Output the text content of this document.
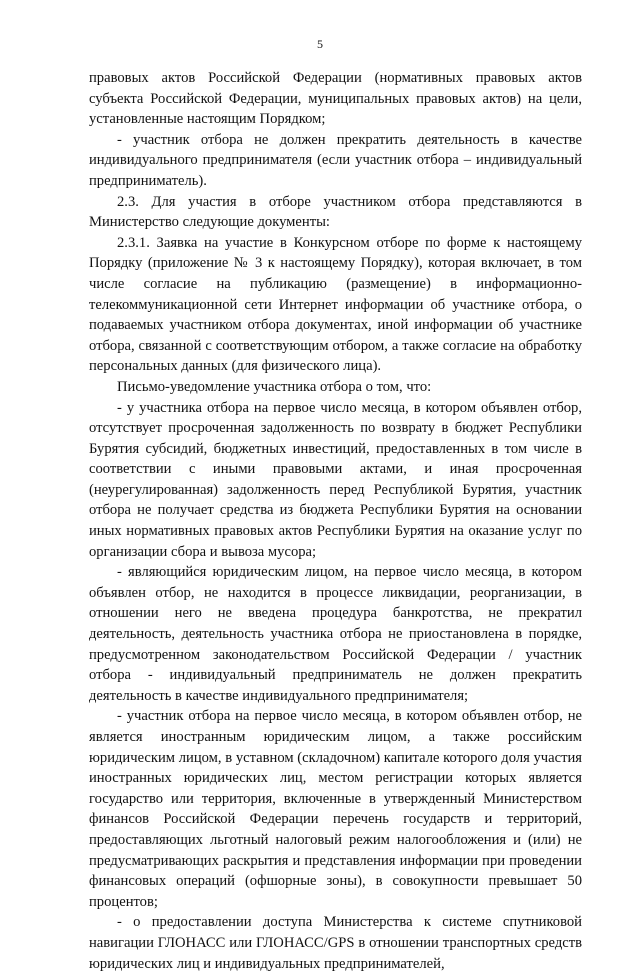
5

правовых актов Российской Федерации (нормативных правовых актов субъекта Российской Федерации, муниципальных правовых актов) на цели, установленные настоящим Порядком;

- участник отбора не должен прекратить деятельность в качестве индивидуального предпринимателя (если участник отбора – индивидуальный предприниматель).

2.3. Для участия в отборе участником отбора представляются в Министерство следующие документы:

2.3.1. Заявка на участие в Конкурсном отборе по форме к настоящему Порядку (приложение № 3 к настоящему Порядку), которая включает, в том числе согласие на публикацию (размещение) в информационно-телекоммуникационной сети Интернет информации об участнике отбора, о подаваемых участником отбора документах, иной информации об участнике отбора, связанной с соответствующим отбором, а также согласие на обработку персональных данных (для физического лица).

Письмо-уведомление участника отбора о том, что:

- у участника отбора на первое число месяца, в котором объявлен отбор, отсутствует просроченная задолженность по возврату в бюджет Республики Бурятия субсидий, бюджетных инвестиций, предоставленных в том числе в соответствии с иными правовыми актами, и иная просроченная (неурегулированная) задолженность перед Республикой Бурятия, участник отбора не получает средства из бюджета Республики Бурятия на основании иных нормативных правовых актов Республики Бурятия на оказание услуг по организации сбора и вывоза мусора;

- являющийся юридическим лицом, на первое число месяца, в котором объявлен отбор, не находится в процессе ликвидации, реорганизации, в отношении него не введена процедура банкротства, не прекратил деятельность, деятельность участника отбора не приостановлена в порядке, предусмотренном законодательством Российской Федерации / участник отбора - индивидуальный предприниматель не должен прекратить деятельность в качестве индивидуального предпринимателя;

- участник отбора на первое число месяца, в котором объявлен отбор, не является иностранным юридическим лицом, а также российским юридическим лицом, в уставном (складочном) капитале которого доля участия иностранных юридических лиц, местом регистрации которых является государство или территория, включенные в утвержденный Министерством финансов Российской Федерации перечень государств и территорий, предоставляющих льготный налоговый режим налогообложения и (или) не предусматривающих раскрытия и представления информации при проведении финансовых операций (офшорные зоны), в совокупности превышает 50 процентов;

- о предоставлении доступа Министерства к системе спутниковой навигации ГЛОНАСС или ГЛОНАСС/GPS в отношении транспортных средств юридических лиц и индивидуальных предпринимателей,
